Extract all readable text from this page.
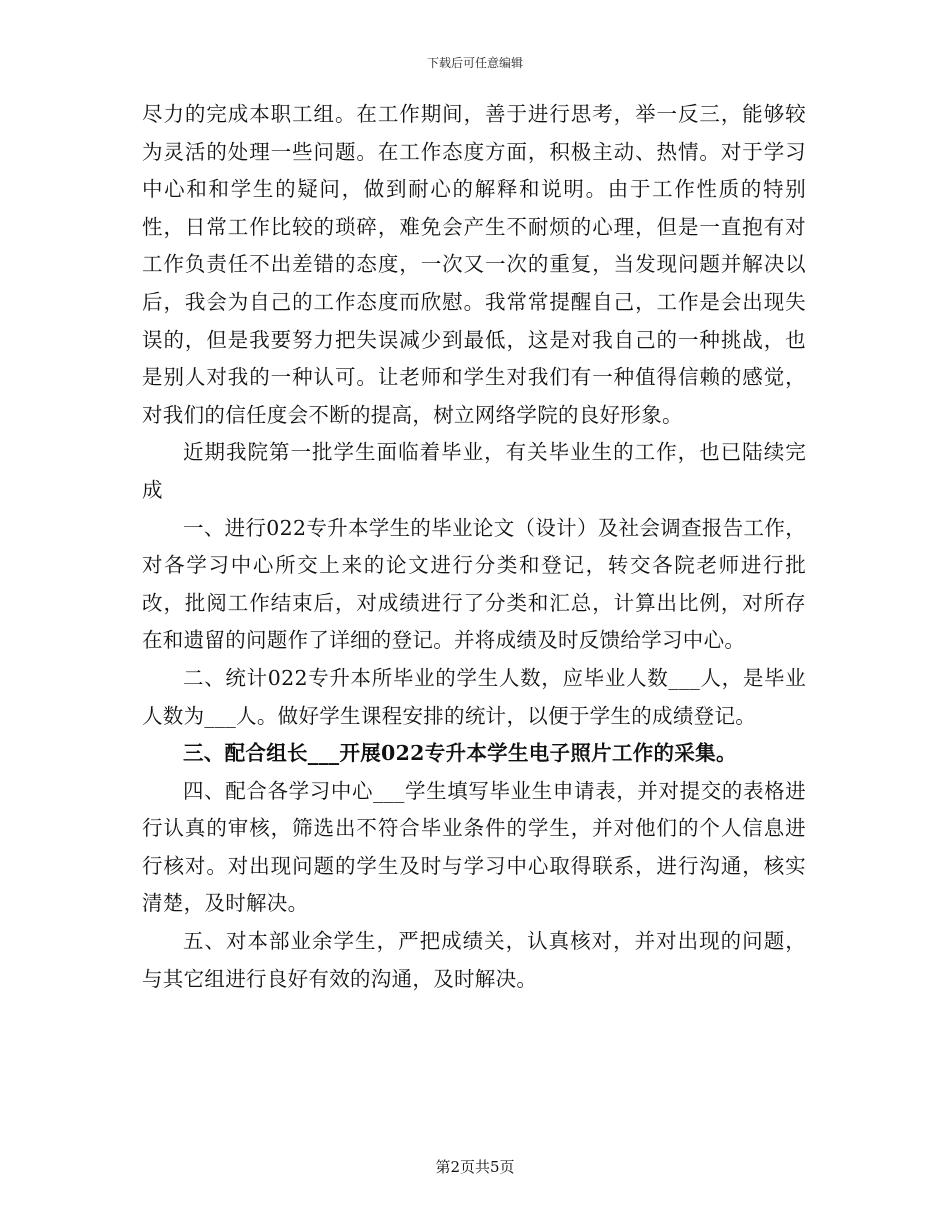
下载后可任意编辑

尽力的完成本职工组。在工作期间，善于进行思考，举一反三，能够较为灵活的处理一些问题。在工作态度方面，积极主动、热情。对于学习中心和和学生的疑问，做到耐心的解释和说明。由于工作性质的特别性，日常工作比较的琐碎，难免会产生不耐烦的心理，但是一直抱有对工作负责任不出差错的态度，一次又一次的重复，当发现问题并解决以后，我会为自己的工作态度而欣慰。我常常提醒自己，工作是会出现失误的，但是我要努力把失误减少到最低，这是对我自己的一种挑战，也是别人对我的一种认可。让老师和学生对我们有一种值得信赖的感觉，对我们的信任度会不断的提高，树立网络学院的良好形象。

近期我院第一批学生面临着毕业，有关毕业生的工作，也已陆续完成

一、进行022专升本学生的毕业论文（设计）及社会调查报告工作，对各学习中心所交上来的论文进行分类和登记，转交各院老师进行批改，批阅工作结束后，对成绩进行了分类和汇总，计算出比例，对所存在和遗留的问题作了详细的登记。并将成绩及时反馈给学习中心。

二、统计022专升本所毕业的学生人数，应毕业人数___人，是毕业人数为___人。做好学生课程安排的统计，以便于学生的成绩登记。

三、配合组长___开展022专升本学生电子照片工作的采集。

四、配合各学习中心___学生填写毕业生申请表，并对提交的表格进行认真的审核，筛选出不符合毕业条件的学生，并对他们的个人信息进行核对。对出现问题的学生及时与学习中心取得联系，进行沟通，核实清楚，及时解决。

五、对本部业余学生，严把成绩关，认真核对，并对出现的问题，与其它组进行良好有效的沟通，及时解决。

第2页共5页
